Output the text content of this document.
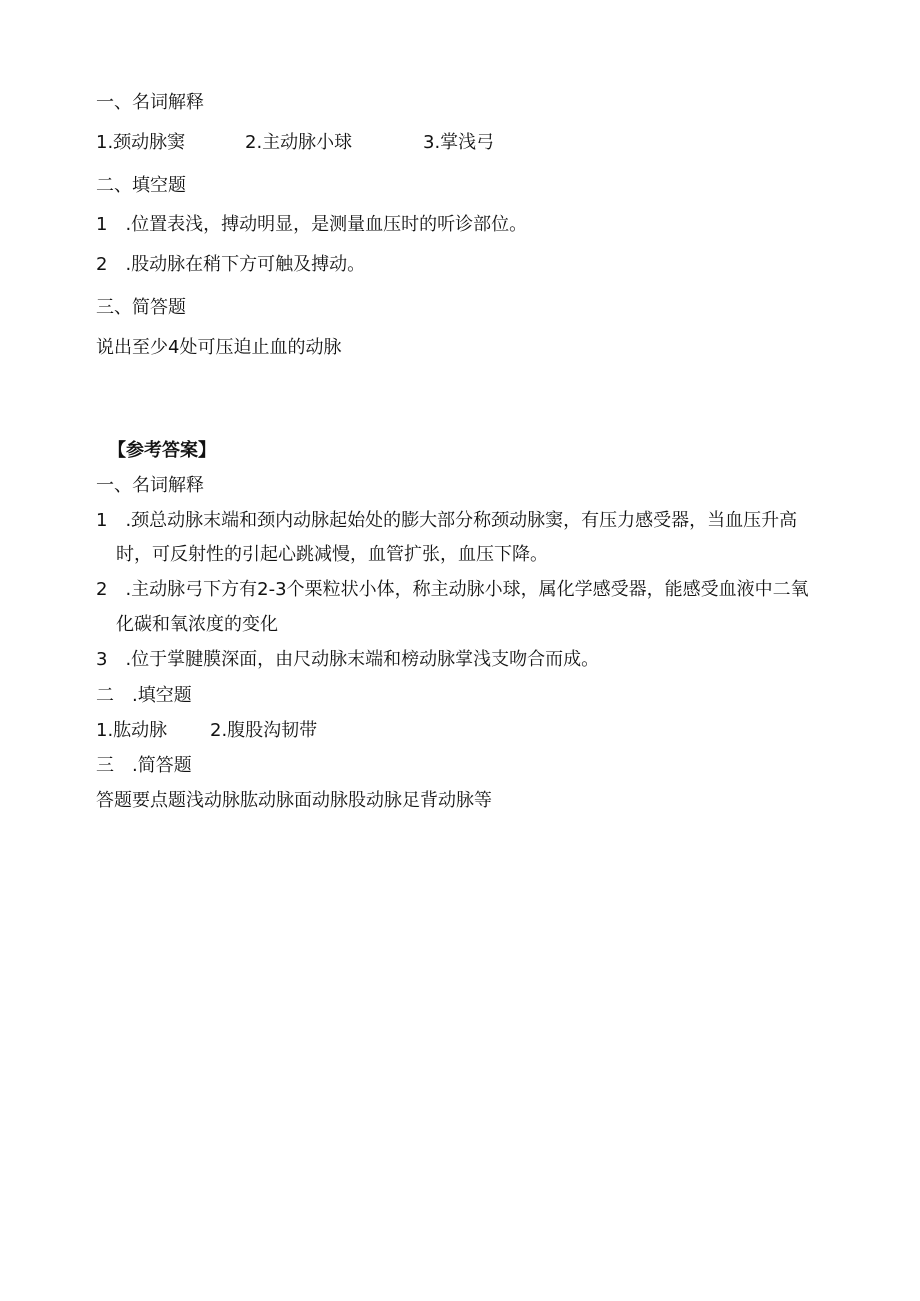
一、名词解释
1.颈动脉窦	2.主动脉小球	3.掌浅弓
二、填空题
1　.位置表浅，搏动明显，是测量血压时的听诊部位。
2　.股动脉在稍下方可触及搏动。
三、简答题
说出至少4处可压迫止血的动脉
【参考答案】
一、名词解释
1　.颈总动脉末端和颈内动脉起始处的膨大部分称颈动脉窦，有压力感受器，当血压升高
时，可反射性的引起心跳减慢，血管扩张，血压下降。
2　.主动脉弓下方有2-3个栗粒状小体，称主动脉小球，属化学感受器，能感受血液中二氧
化碳和氧浓度的变化
3　.位于掌腱膜深面，由尺动脉末端和榜动脉掌浅支吻合而成。
二　.填空题
1.肱动脉 2.腹股沟韧带
三　.简答题
答题要点题浅动脉肱动脉面动脉股动脉足背动脉等
